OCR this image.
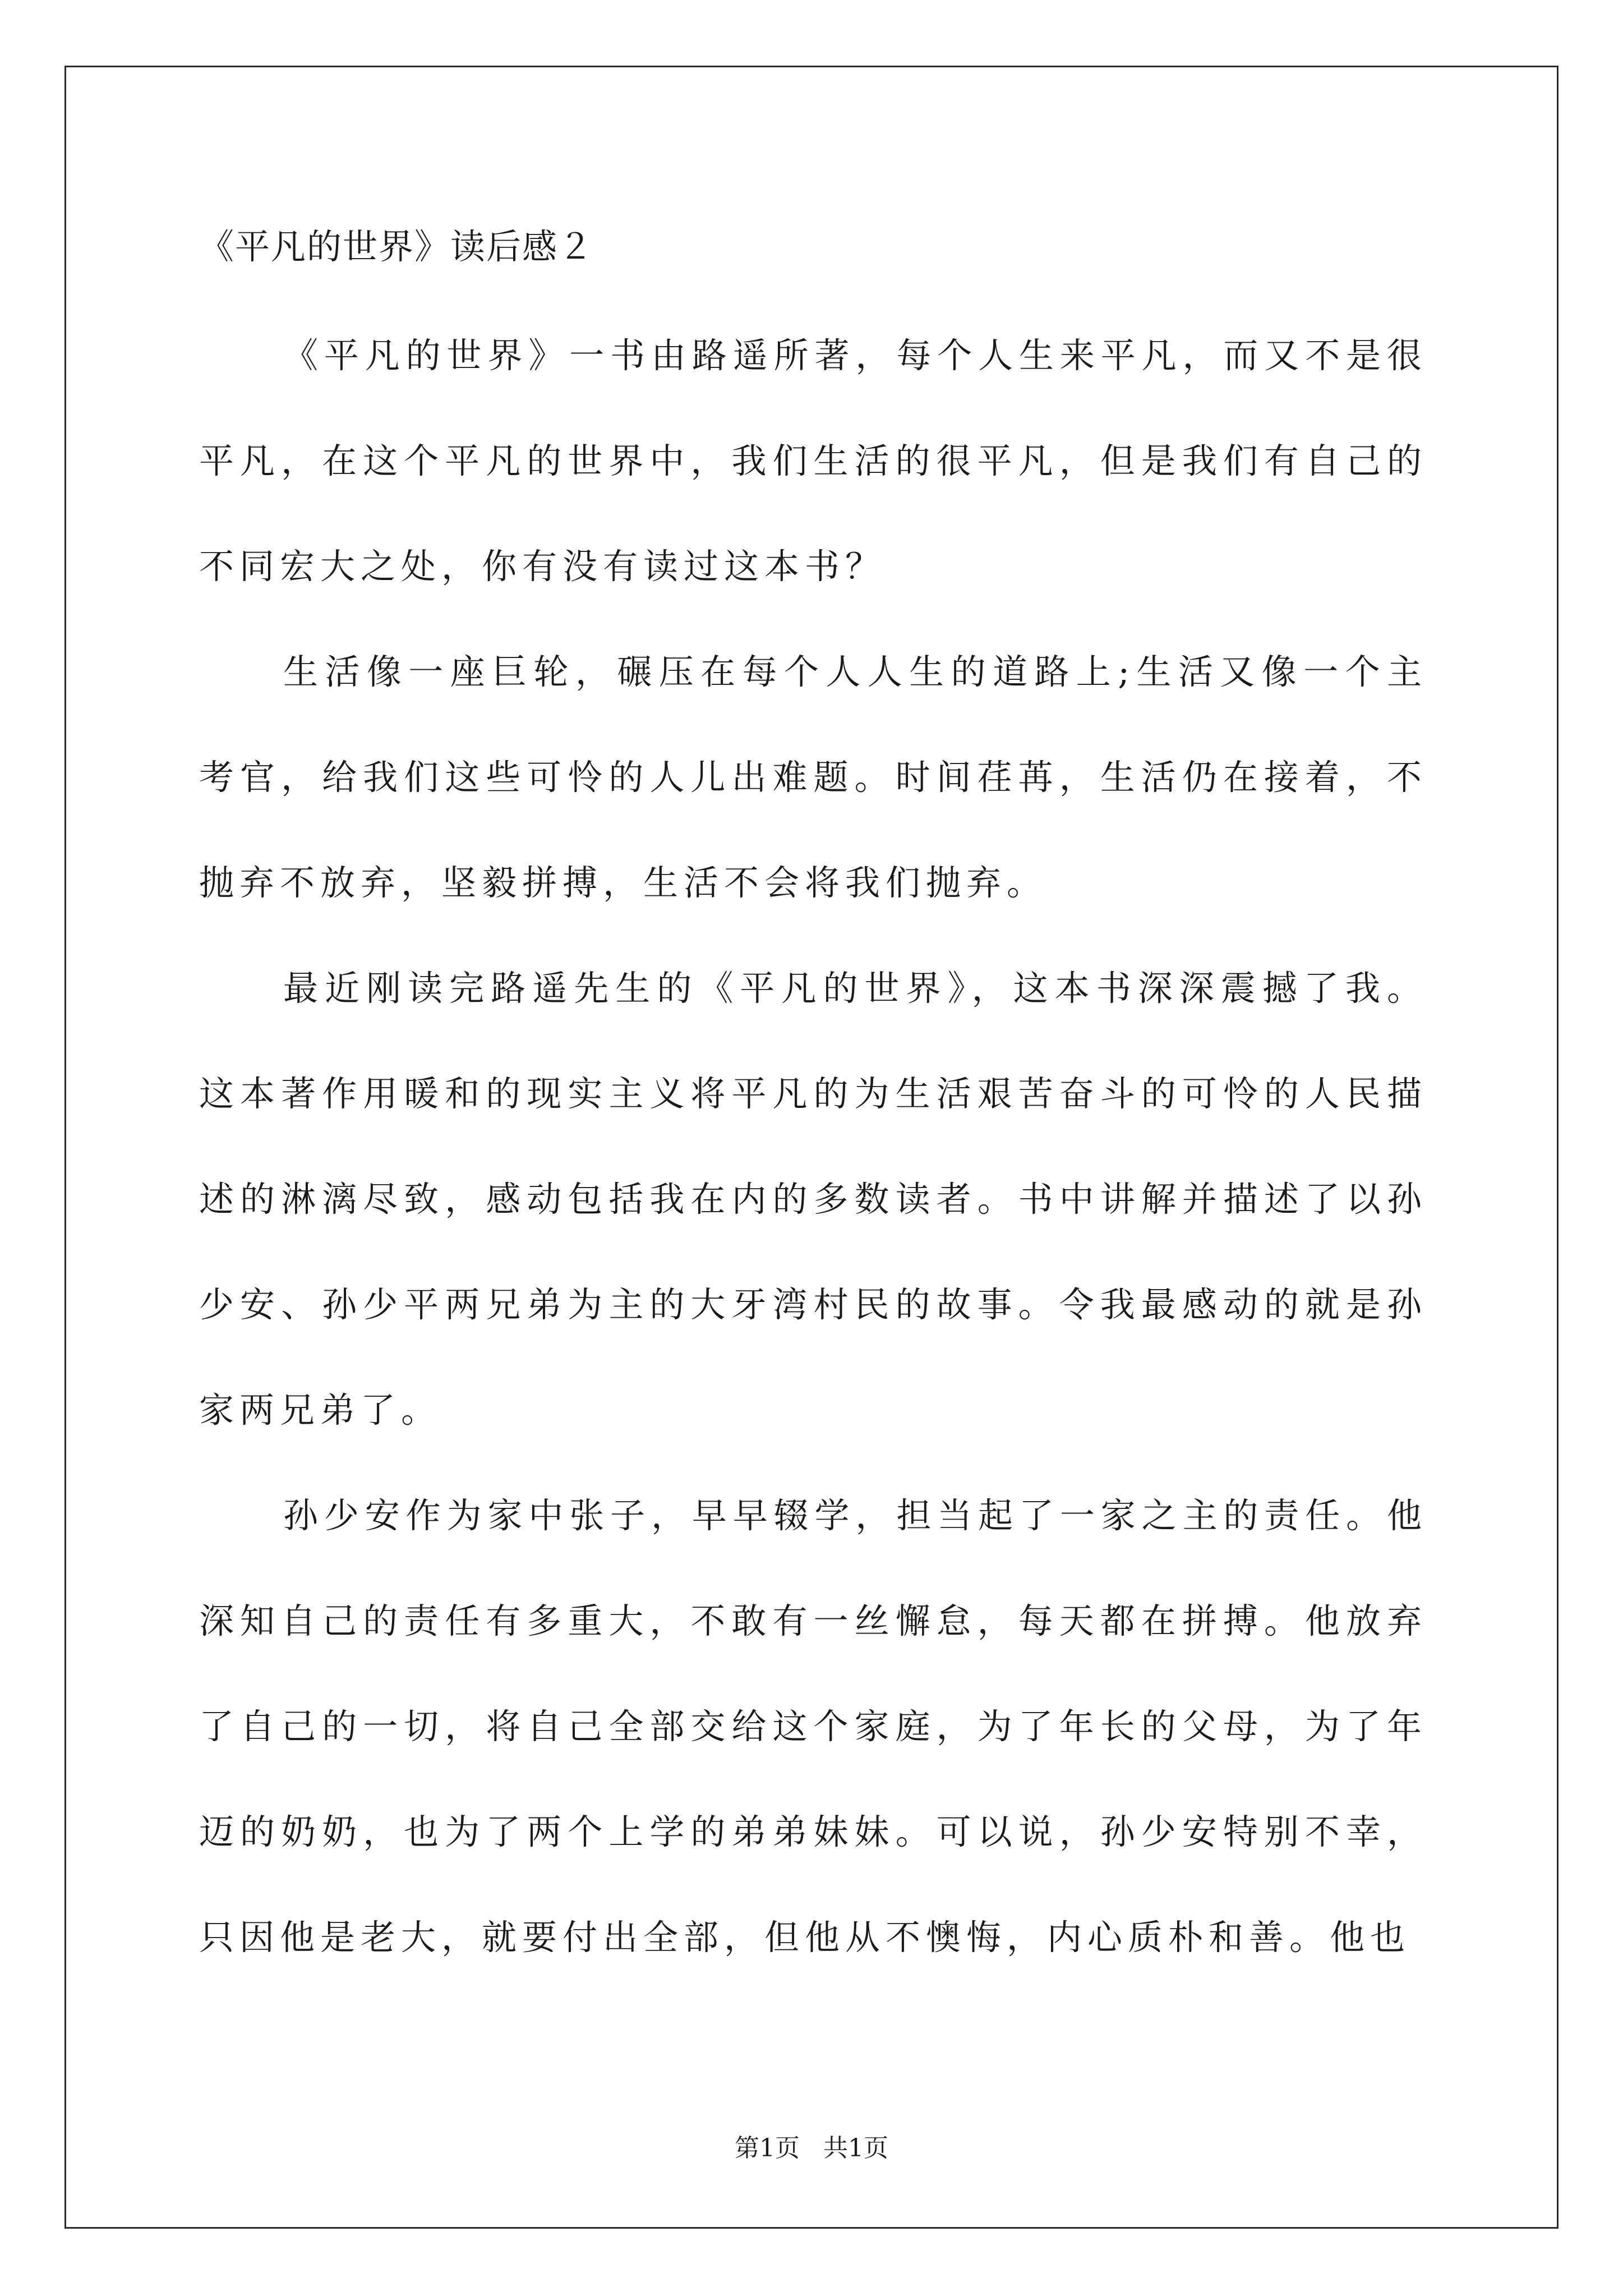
《平凡的世界》读后感２

《平凡的世界》一书由路遥所著，每个人生来平凡，而又不是很平凡，在这个平凡的世界中，我们生活的很平凡，但是我们有自己的不同宏大之处，你有没有读过这本书？

生活像一座巨轮，碾压在每个人人生的道路上;生活又像一个主考官，给我们这些可怜的人儿出难题。时间荏苒，生活仍在接着，不抛弃不放弃，坚毅拼搏，生活不会将我们抛弃。

最近刚读完路遥先生的《平凡的世界》，这本书深深震撼了我。这本著作用暖和的现实主义将平凡的为生活艰苦奋斗的可怜的人民描述的淋漓尽致，感动包括我在内的多数读者。书中讲解并描述了以孙少安、孙少平两兄弟为主的大牙湾村民的故事。令我最感动的就是孙家两兄弟了。

孙少安作为家中张子，早早辍学，担当起了一家之主的责任。他深知自己的责任有多重大，不敢有一丝懈怠，每天都在拼搏。他放弃了自己的一切，将自己全部交给这个家庭，为了年长的父母，为了年迈的奶奶，也为了两个上学的弟弟妹妹。可以说，孙少安特别不幸，只因他是老大，就要付出全部，但他从不懊悔，内心质朴和善。他也

第1页 共1页
